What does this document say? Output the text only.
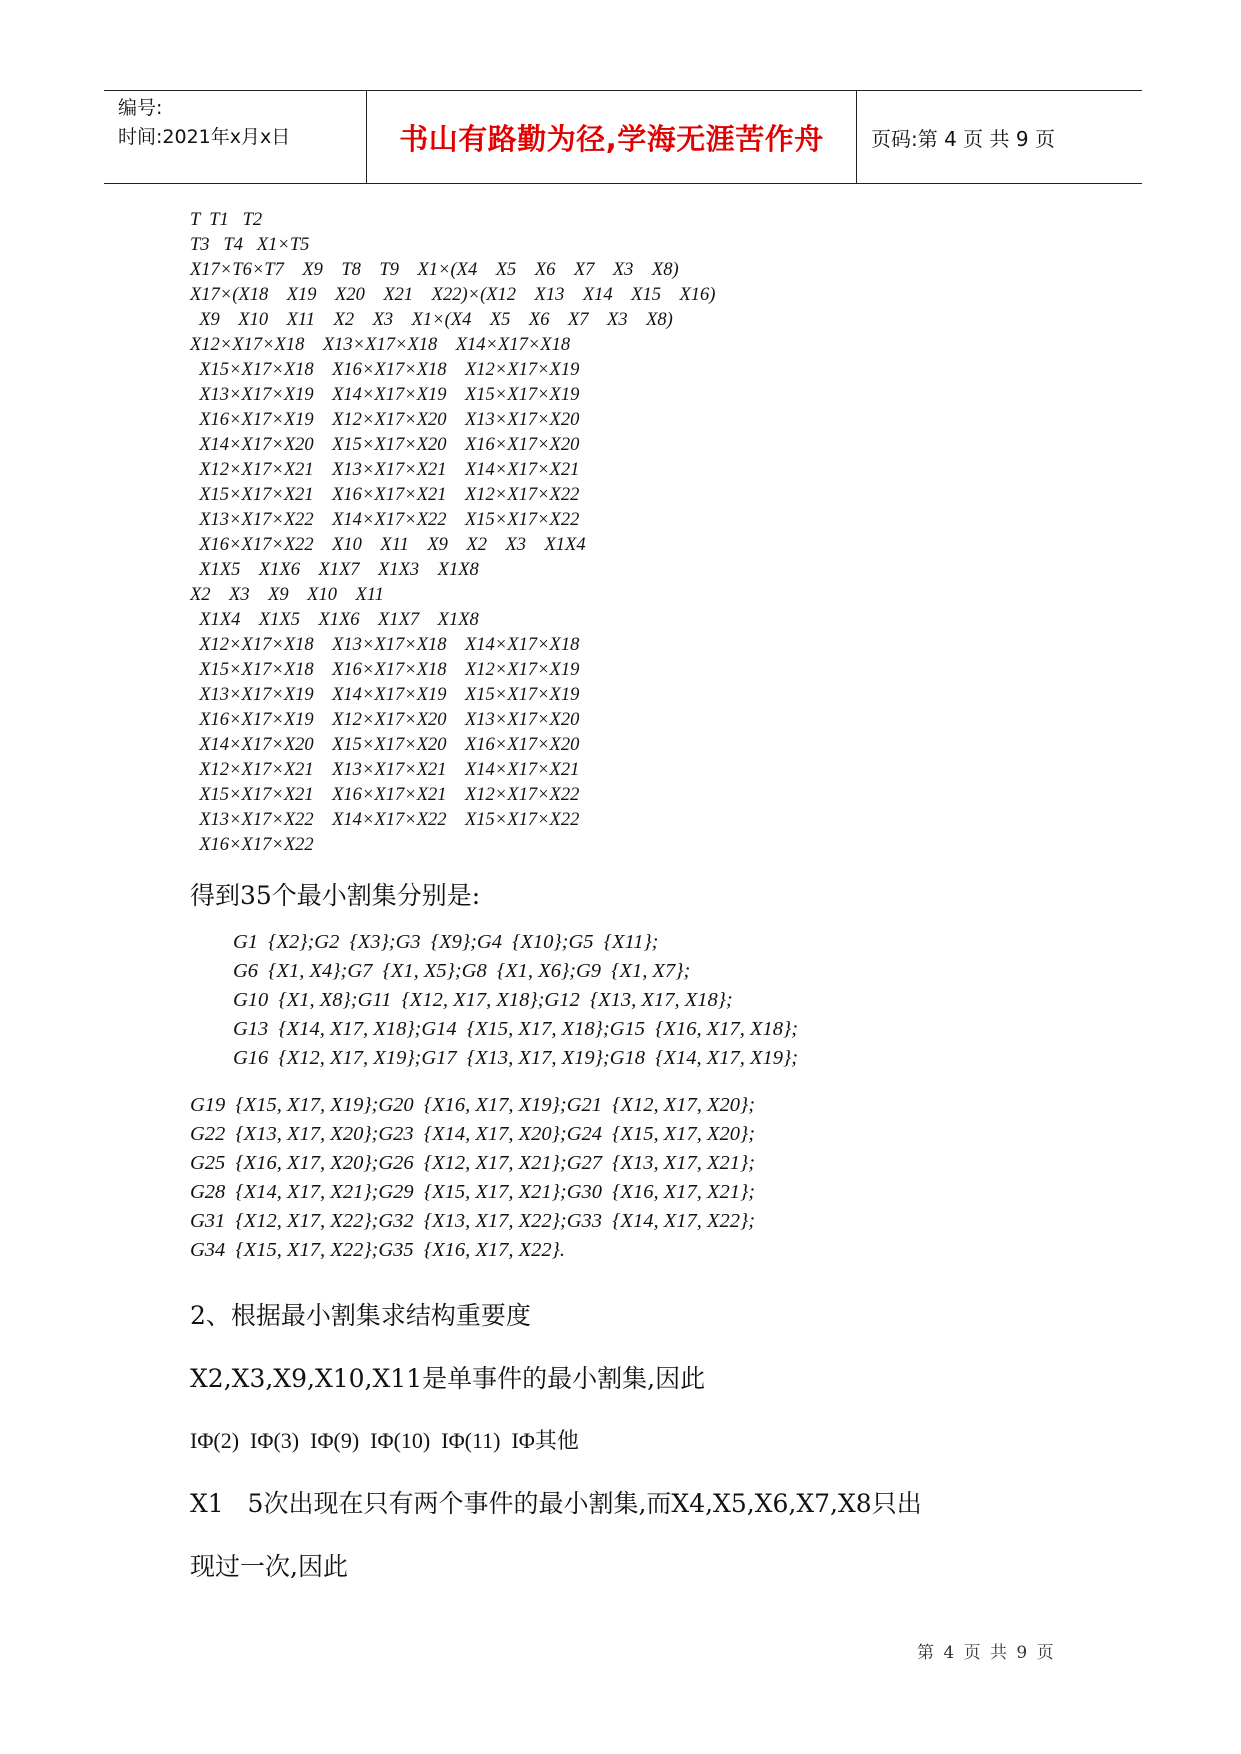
编号:
时间:2021年x月x日	书山有路勤为径,学海无涯苦作舟	页码:第 4 页 共 9 页
T  T1   T2
T3   T4   X1×T5
X17×T6×T7    X9    T8    T9    X1×(X4    X5    X6    X7    X3    X8)
X17×(X18    X19    X20    X21    X22)×(X12    X13    X14    X15    X16)
X9    X10    X11    X2    X3    X1×(X4    X5    X6    X7    X3    X8)
X12×X17×X18    X13×X17×X18    X14×X17×X18
X15×X17×X18    X16×X17×X18    X12×X17×X19
X13×X17×X19    X14×X17×X19    X15×X17×X19
X16×X17×X19    X12×X17×X20    X13×X17×X20
X14×X17×X20    X15×X17×X20    X16×X17×X20
X12×X17×X21    X13×X17×X21    X14×X17×X21
X15×X17×X21    X16×X17×X21    X12×X17×X22
X13×X17×X22    X14×X17×X22    X15×X17×X22
X16×X17×X22    X10    X11    X9    X2    X3    X1X4
X1X5    X1X6    X1X7    X1X3    X1X8
X2    X3    X9    X10    X11
X1X4    X1X5    X1X6    X1X7    X1X8
X12×X17×X18    X13×X17×X18    X14×X17×X18
X15×X17×X18    X16×X17×X18    X12×X17×X19
X13×X17×X19    X14×X17×X19    X15×X17×X19
X16×X17×X19    X12×X17×X20    X13×X17×X20
X14×X17×X20    X15×X17×X20    X16×X17×X20
X12×X17×X21    X13×X17×X21    X14×X17×X21
X15×X17×X21    X16×X17×X21    X12×X17×X22
X13×X17×X22    X14×X17×X22    X15×X17×X22
X16×X17×X22
得到35个最小割集分别是:
G1  {X2};G2  {X3};G3  {X9};G4  {X10};G5  {X11};
G6  {X1, X4};G7  {X1, X5};G8  {X1, X6};G9  {X1, X7};
G10  {X1, X8};G11  {X12, X17, X18};G12  {X13, X17, X18};
G13  {X14, X17, X18};G14  {X15, X17, X18};G15  {X16, X17, X18};
G16  {X12, X17, X19};G17  {X13, X17, X19};G18  {X14, X17, X19};
G19  {X15, X17, X19};G20  {X16, X17, X19};G21  {X12, X17, X20};
G22  {X13, X17, X20};G23  {X14, X17, X20};G24  {X15, X17, X20};
G25  {X16, X17, X20};G26  {X12, X17, X21};G27  {X13, X17, X21};
G28  {X14, X17, X21};G29  {X15, X17, X21};G30  {X16, X17, X21};
G31  {X12, X17, X22};G32  {X13, X17, X22};G33  {X14, X17, X22};
G34  {X15, X17, X22};G35  {X16, X17, X22}.
2、根据最小割集求结构重要度
X2,X3,X9,X10,X11是单事件的最小割集,因此
IΦ(2)  IΦ(3)  IΦ(9)  IΦ(10)  IΦ(11)  IΦ其他
X1   5次出现在只有两个事件的最小割集,而X4,X5,X6,X7,X8只出
现过一次,因此
第 4 页 共 9 页
